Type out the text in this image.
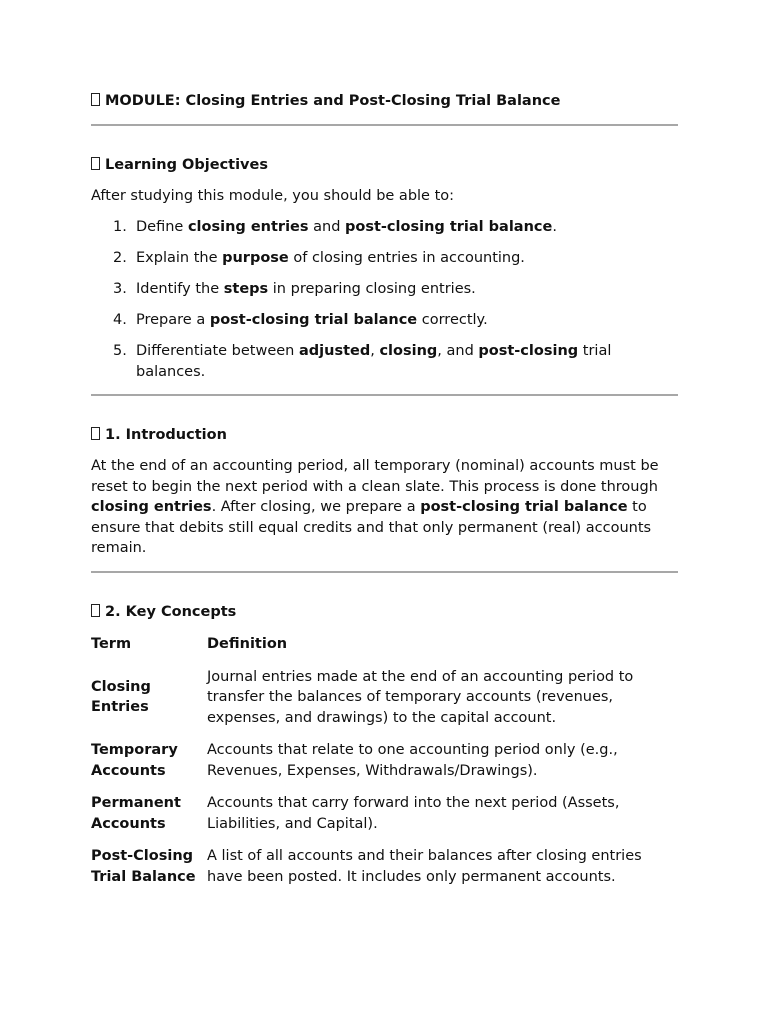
MODULE: Closing Entries and Post-Closing Trial Balance
Learning Objectives

After studying this module, you should be able to:

1. Define closing entries and post-closing trial balance.
2. Explain the purpose of closing entries in accounting.
3. Identify the steps in preparing closing entries.
4. Prepare a post-closing trial balance correctly.
5. Differentiate between adjusted, closing, and post-closing trial balances.
1. Introduction

At the end of an accounting period, all temporary (nominal) accounts must be reset to begin the next period with a clean slate. This process is done through closing entries. After closing, we prepare a post-closing trial balance to ensure that debits still equal credits and that only permanent (real) accounts remain.

2. Key Concepts
Term	Definition
Closing Entries	Journal entries made at the end of an accounting period to transfer the balances of temporary accounts (revenues, expenses, and drawings) to the capital account.
Temporary Accounts	Accounts that relate to one accounting period only (e.g., Revenues, Expenses, Withdrawals/Drawings).
Permanent Accounts	Accounts that carry forward into the next period (Assets, Liabilities, and Capital).
Post-Closing Trial Balance	A list of all accounts and their balances after closing entries have been posted. It includes only permanent accounts.
